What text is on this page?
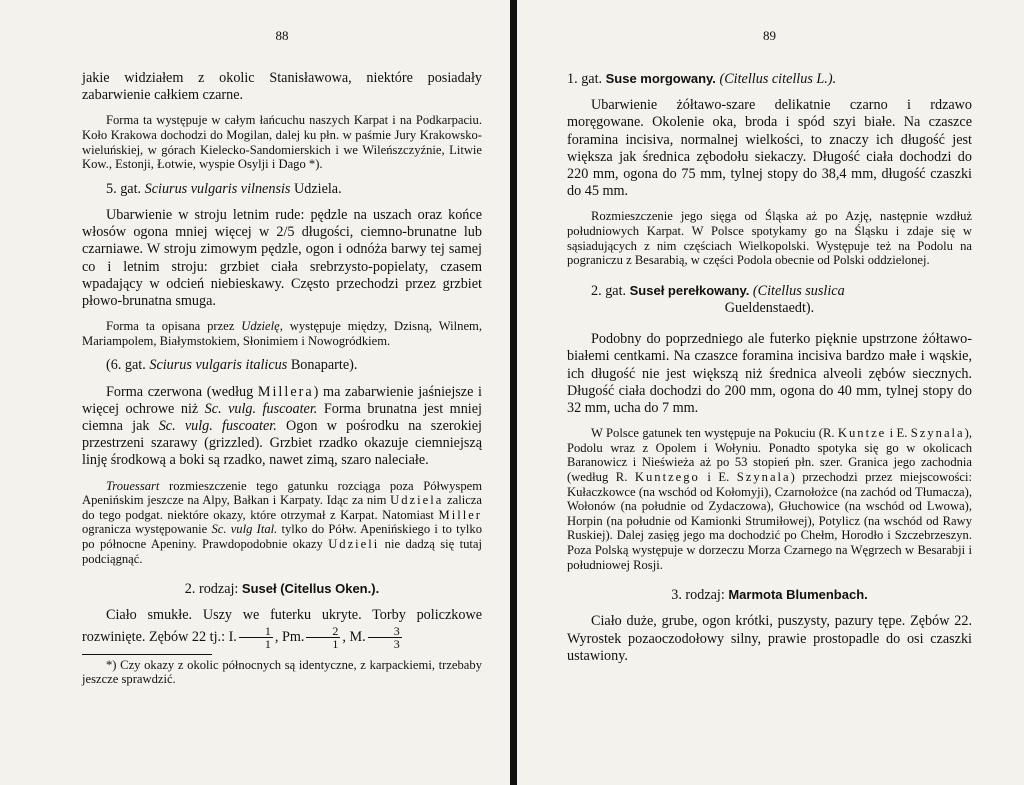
88

jakie widziałem z okolic Stanisławowa, niektóre posiadały zabarwienie całkiem czarne.

Forma ta występuje w całym łańcuchu naszych Karpat i na Podkarpaciu. Koło Krakowa dochodzi do Mogilan, dalej ku płn. w paśmie Jury Krakowsko-wieluńskiej, w górach Kielecko-Sandomierskich i we Wileńszczyźnie, Litwie Kow., Estonji, Łotwie, wyspie Osylji i Dago *).

5. gat. Sciurus vulgaris vilnensis Udziela.

Ubarwienie w stroju letnim rude: pędzle na uszach oraz końce włosów ogona mniej więcej w 2/5 długości, ciemno-brunatne lub czarniawe. W stroju zimowym pędzle, ogon i odnóża barwy tej samej co i letnim stroju: grzbiet ciała srebrzysto-popielaty, czasem wpadający w odcień niebieskawy. Często przechodzi przez grzbiet płowo-brunatna smuga.

Forma ta opisana przez Udzielę, występuje między, Dzisną, Wilnem, Mariampolem, Białymstokiem, Słonimiem i Nowogródkiem.

(6. gat. Sciurus vulgaris italicus Bonaparte).

Forma czerwona (według Millera) ma zabarwienie jaśniejsze i więcej ochrowe niż Sc. vulg. fuscoater. Forma brunatna jest mniej ciemna jak Sc. vulg. fuscoater. Ogon w pośrodku na szerokiej przestrzeni szarawy (grizzled). Grzbiet rzadko okazuje ciemniejszą linję środkową a boki są rzadko, nawet zimą, szaro naleciałe.

Trouessart rozmieszczenie tego gatunku rozciąga poza Półwyspem Apenińskim jeszcze na Alpy, Bałkan i Karpaty. Idąc za nim Udziela zalicza do tego podgat. niektóre okazy, które otrzymał z Karpat. Natomiast Miller ogranicza występowanie Sc. vulg Ital. tylko do Półw. Apenińskiego i to tylko po północne Apeniny. Prawdopodobnie okazy Udzieli nie dadzą się tutaj podciągnąć.

2. rodzaj: Suseł (Citellus Oken.).

Ciało smukłe. Uszy we futerku ukryte. Torby policzkowe rozwinięte. Zębów 22 tj.: I. $\frac{1}{1}$ , Pm. $\frac{2}{1}$ , M. $\frac{3}{3}$

*) Czy okazy z okolic północnych są identyczne, z karpackiemi, trzebaby jeszcze sprawdzić.

89

1. gat. Suse morgowany. (Citellus citellus L.).

Ubarwienie żółtawo-szare delikatnie czarno i rdzawo moręgowane. Okolenie oka, broda i spód szyi białe. Na czaszce foramina incisiva, normalnej wielkości, to znaczy ich długość jest większa jak średnica zębodołu siekaczy. Długość ciała dochodzi do 220 mm, ogona do 75 mm, tylnej stopy do 38,4 mm, długość czaszki do 45 mm.

Rozmieszczenie jego sięga od Śląska aż po Azję, następnie wzdłuż południowych Karpat. W Polsce spotykamy go na Śląsku i zdaje się w sąsiadujących z nim częściach Wielkopolski. Występuje też na Podolu na pograniczu z Besarabią, w części Podola obecnie od Polski oddzielonej.

2. gat. Suseł perełkowany. (Citellus suslica

Gueldenstaedt).

Podobny do poprzedniego ale futerko pięknie upstrzone żółtawo-białemi centkami. Na czaszce foramina incisiva bardzo małe i wąskie, ich długość nie jest większą niż średnica alveoli zębów siecznych. Długość ciała dochodzi do 200 mm, ogona do 40 mm, tylnej stopy do 32 mm, ucha do 7 mm.

W Polsce gatunek ten występuje na Pokuciu (R. Kuntze i E. Szynala), Podolu wraz z Opolem i Wołyniu. Ponadto spotyka się go w okolicach Baranowicz i Nieświeża aż po 53 stopień płn. szer. Granica jego zachodnia (według R. Kuntzego i E. Szynala) przechodzi przez miejscowości: Kułaczkowce (na wschód od Kołomyji), Czarnołożce (na zachód od Tłumacza), Wołonów (na południe od Zydaczowa), Głuchowice (na wschód od Lwowa), Horpin (na południe od Kamionki Strumiłowej), Potylicz (na wschód od Rawy Ruskiej). Dalej zasięg jego ma dochodzić po Chełm, Horodło i Szczebrzeszyn. Poza Polską występuje w dorzeczu Morza Czarnego na Węgrzech w Besarabji i południowej Rosji.

3. rodzaj: Marmota Blumenbach.

Ciało duże, grube, ogon krótki, puszysty, pazury tępe. Zębów 22. Wyrostek pozaoczodołowy silny, prawie prostopadle do osi czaszki ustawiony.
